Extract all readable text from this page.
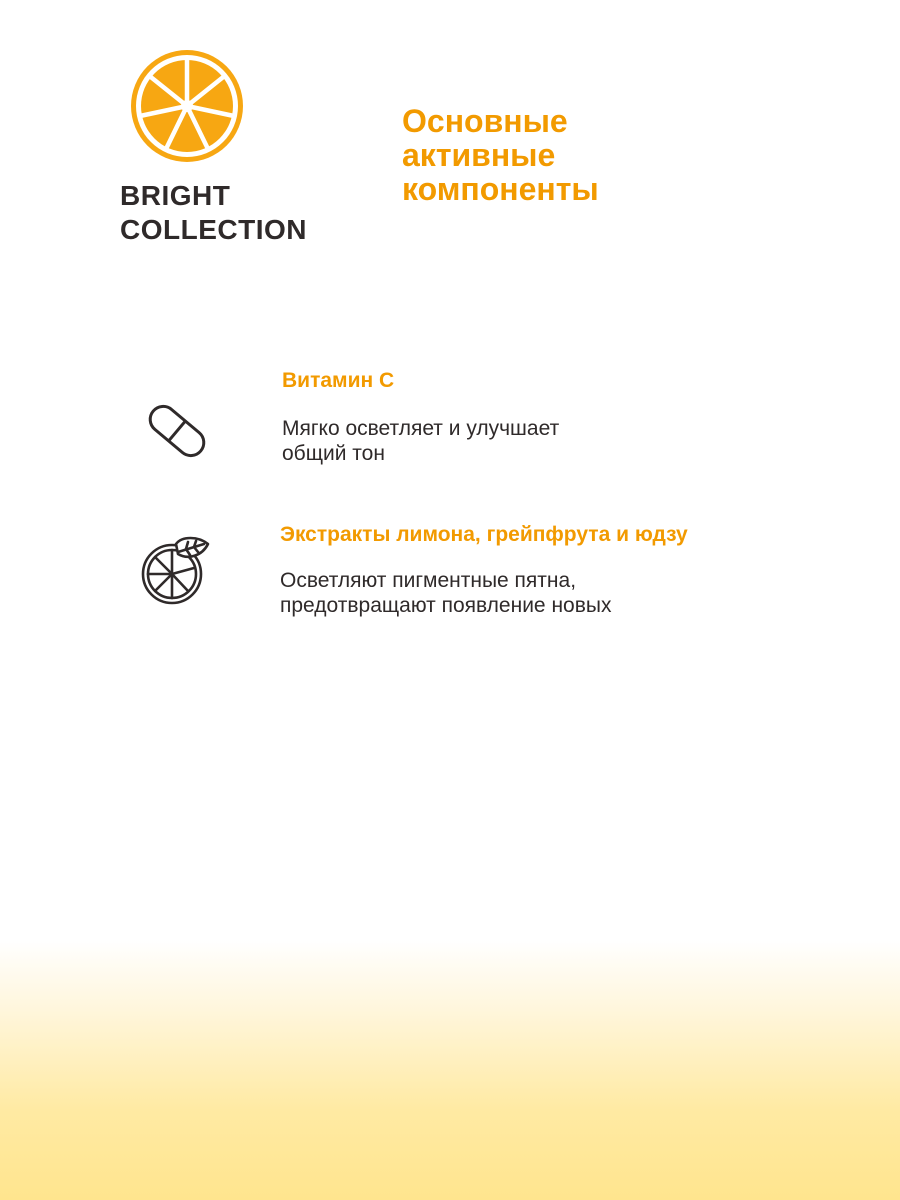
BRIGHT
COLLECTION
Основные
активные
компоненты
Витамин С
Мягко осветляет и улучшает
общий тон
Экстракты лимона, грейпфрута и юдзу
Осветляют пигментные пятна,
предотвращают появление новых
